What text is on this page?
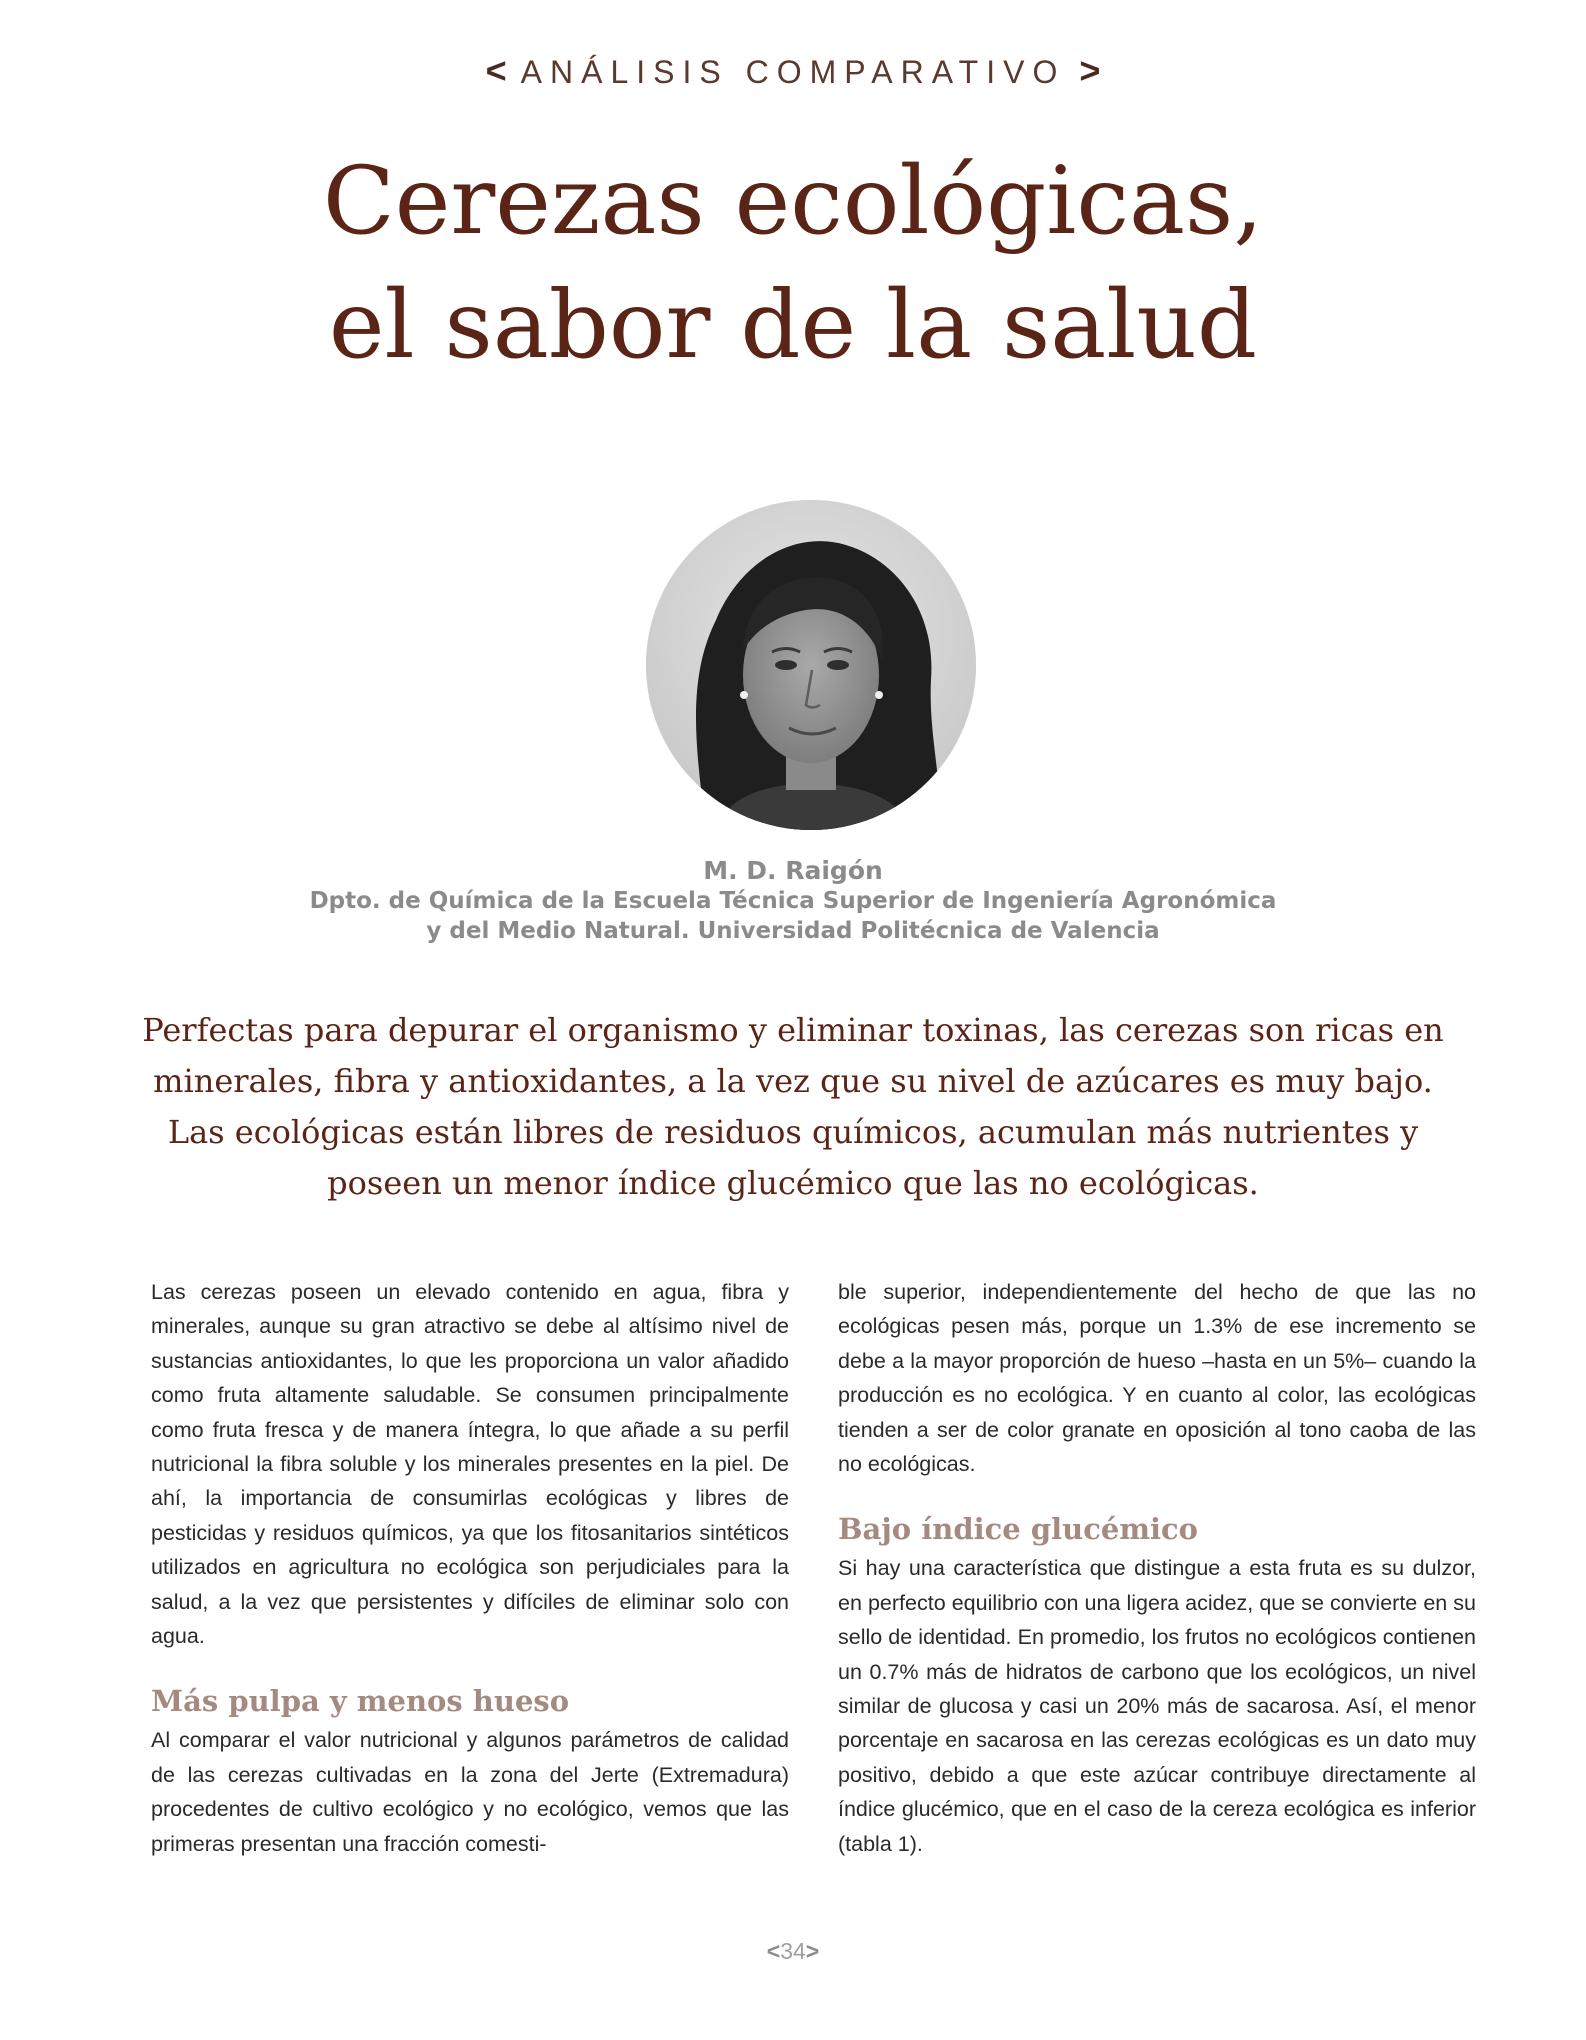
< ANÁLISIS COMPARATIVO >
Cerezas ecológicas,
el sabor de la salud
M. D. Raigón
Dpto. de Química de la Escuela Técnica Superior de Ingeniería Agronómica
y del Medio Natural. Universidad Politécnica de Valencia

Perfectas para depurar el organismo y eliminar toxinas, las cerezas son ricas en minerales, fibra y antioxidantes, a la vez que su nivel de azúcares es muy bajo. Las ecológicas están libres de residuos químicos, acumulan más nutrientes y poseen un menor índice glucémico que las no ecológicas.

Las cerezas poseen un elevado contenido en agua, fibra y minerales, aunque su gran atractivo se debe al altísimo nivel de sustancias antioxidantes, lo que les proporciona un valor añadido como fruta altamente saludable. Se consumen principalmente como fruta fresca y de manera íntegra, lo que añade a su perfil nutricional la fibra soluble y los minerales presentes en la piel. De ahí, la importancia de consumirlas ecológicas y libres de pesticidas y residuos químicos, ya que los fitosanitarios sintéticos utilizados en agricultura no ecológica son perjudiciales para la salud, a la vez que persistentes y difíciles de eliminar solo con agua.

Más pulpa y menos hueso

Al comparar el valor nutricional y algunos parámetros de calidad de las cerezas cultivadas en la zona del Jerte (Extremadura) procedentes de cultivo ecológico y no ecológico, vemos que las primeras presentan una fracción comesti-

ble superior, independientemente del hecho de que las no ecológicas pesen más, porque un 1.3% de ese incremento se debe a la mayor proporción de hueso –hasta en un 5%– cuando la producción es no ecológica. Y en cuanto al color, las ecológicas tienden a ser de color granate en oposición al tono caoba de las no ecológicas.

Bajo índice glucémico

Si hay una característica que distingue a esta fruta es su dulzor, en perfecto equilibrio con una ligera acidez, que se convierte en su sello de identidad. En promedio, los frutos no ecológicos contienen un 0.7% más de hidratos de carbono que los ecológicos, un nivel similar de glucosa y casi un 20% más de sacarosa. Así, el menor porcentaje en sacarosa en las cerezas ecológicas es un dato muy positivo, debido a que este azúcar contribuye directamente al índice glucémico, que en el caso de la cereza ecológica es inferior (tabla 1).

<34>
